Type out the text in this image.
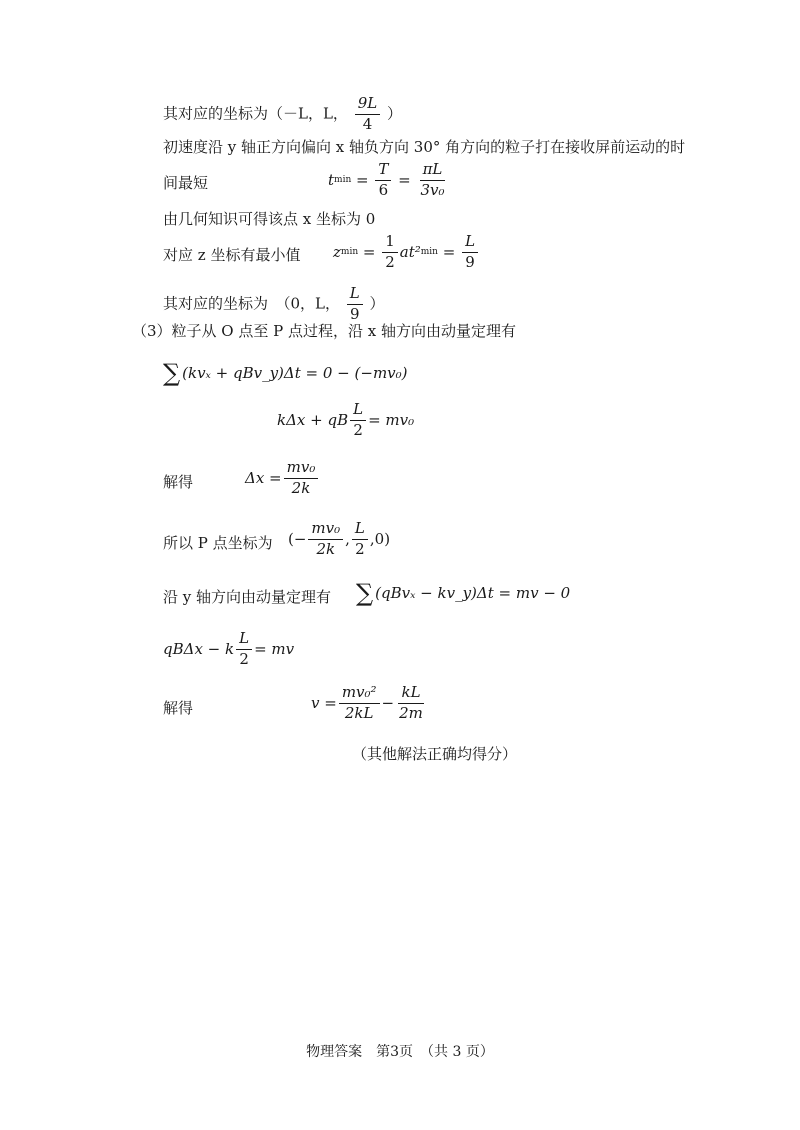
其对应的坐标为（－L，L， $\frac{9L}{4}$ ）
初速度沿 y 轴正方向偏向 x 轴负方向 30° 角方向的粒子打在接收屏前运动的时
间最短	t $\min = \frac{T}{6} = \frac{\pi L}{\text{3v₀}}$
由几何知识可得该点 x 坐标为 0
对应 z 坐标有最小值 z $\min = \frac{1}{2} at^2$ $\min = \frac{L}{9}$
其对应的坐标为　（0，L， $\frac{L}{9}$ ）
（3）粒子从 O 点至 P 点过程，沿 x 轴方向由动量定理有
∑ (kvₓ + qBv_y)Δt = 0 − (−mv₀)
kΔx + qB $\frac{L}{2} = mv_0$
解得	$\Delta x = \frac{\text{mv₀}}{2k}$
所以 P 点坐标为 (− $\frac{\text{mv₀}}{2k}$ , $\frac{L}{2} ,0$)
沿 y 轴方向由动量定理有 ∑ (qBvₓ − kv_y)Δt = mv − 0
qBΔx − k $\frac{L}{2}$ = mv
解得	$v = \frac{\text{mv₀²}}{2kL} - \frac{kL}{2m}$
（其他解法正确均得分）
物理答案　第3页　（共 3 页）
